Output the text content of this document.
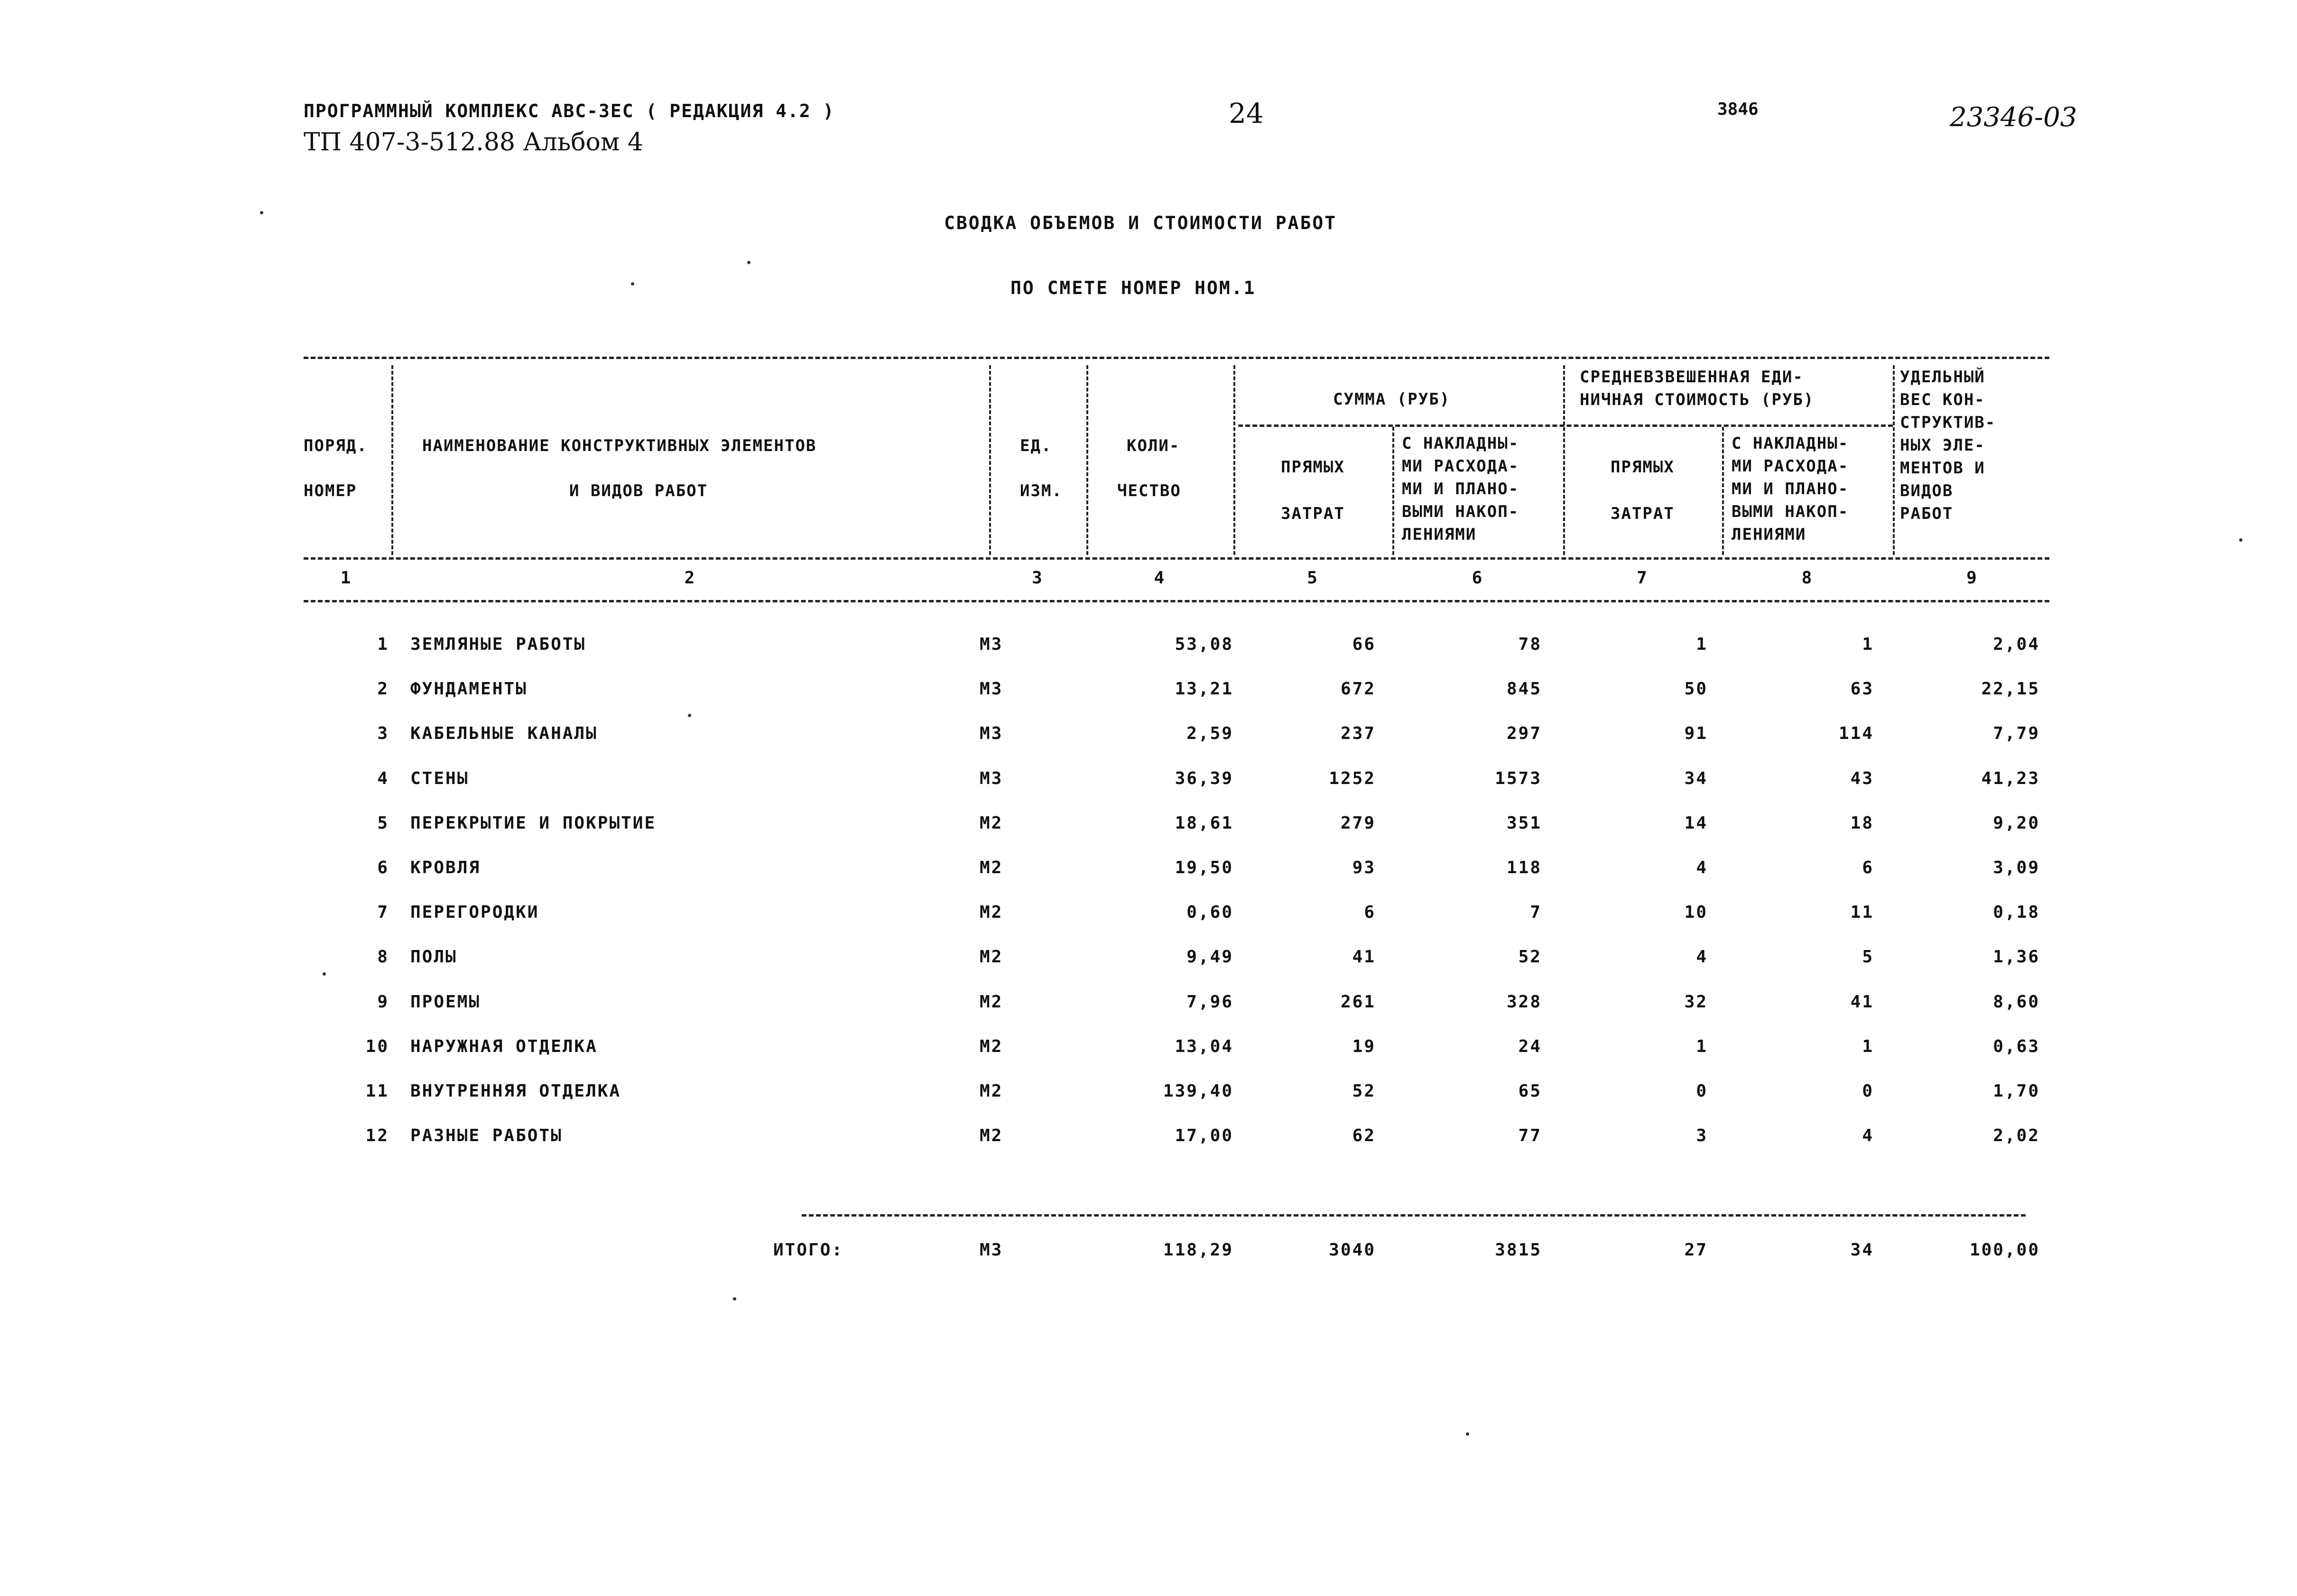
ПРОГРАММНЫЙ КОМПЛЕКС АВС-3ЕС ( РЕДАКЦИЯ 4.2 )
ТП 407-3-512.88 Альбом 4
24	3846	23346-03
СВОДКА ОБЪЕМОВ И СТОИМОСТИ РАБОТ
ПО СМЕТЕ НОМЕР НОМ.1
ПОРЯД.
НОМЕР
НАИМЕНОВАНИЕ КОНСТРУКТИВНЫХ ЭЛЕМЕНТОВ
И ВИДОВ РАБОТ
ЕД.
ИЗМ.
КОЛИ-
ЧЕСТВО
СУММА (РУБ)
ПРЯМЫХ
ЗАТРАТ
С НАКЛАДНЫ-
МИ РАСХОДА-
МИ И ПЛАНО-
ВЫМИ НАКОП-
ЛЕНИЯМИ
СРЕДНЕВЗВЕШЕННАЯ ЕДИ-
НИЧНАЯ СТОИМОСТЬ (РУБ)
ПРЯМЫХ
ЗАТРАТ
С НАКЛАДНЫ-
МИ РАСХОДА-
МИ И ПЛАНО-
ВЫМИ НАКОП-
ЛЕНИЯМИ
УДЕЛЬНЫЙ
ВЕС КОН-
СТРУКТИВ-
НЫХ ЭЛЕ-
МЕНТОВ И
ВИДОВ
РАБОТ
1	2	3	4	5	6	7	8	9
1 ЗЕМЛЯНЫЕ РАБОТЫ	М3	53,08	66	78	1	1	2,04
2 ФУНДАМЕНТЫ	М3	13,21	672	845	50	63	22,15
3 КАБЕЛЬНЫЕ КАНАЛЫ	М3	2,59	237	297	91	114	7,79
4 СТЕНЫ	М3	36,39	1252	1573	34	43	41,23
5 ПЕРЕКРЫТИЕ И ПОКРЫТИЕ	М2	18,61	279	351	14	18	9,20
6 КРОВЛЯ	М2	19,50	93	118	4	6	3,09
7 ПЕРЕГОРОДКИ	М2	0,60	6	7	10	11	0,18
8 ПОЛЫ	М2	9,49	41	52	4	5	1,36
9 ПРОЕМЫ	М2	7,96	261	328	32	41	8,60
10 НАРУЖНАЯ ОТДЕЛКА	М2	13,04	19	24	1	1	0,63
11 ВНУТРЕННЯЯ ОТДЕЛКА	М2	139,40	52	65	0	0	1,70
12 РАЗНЫЕ РАБОТЫ	М2	17,00	62	77	3	4	2,02
ИТОГО:	М3	118,29	3040	3815	27	34	100,00
